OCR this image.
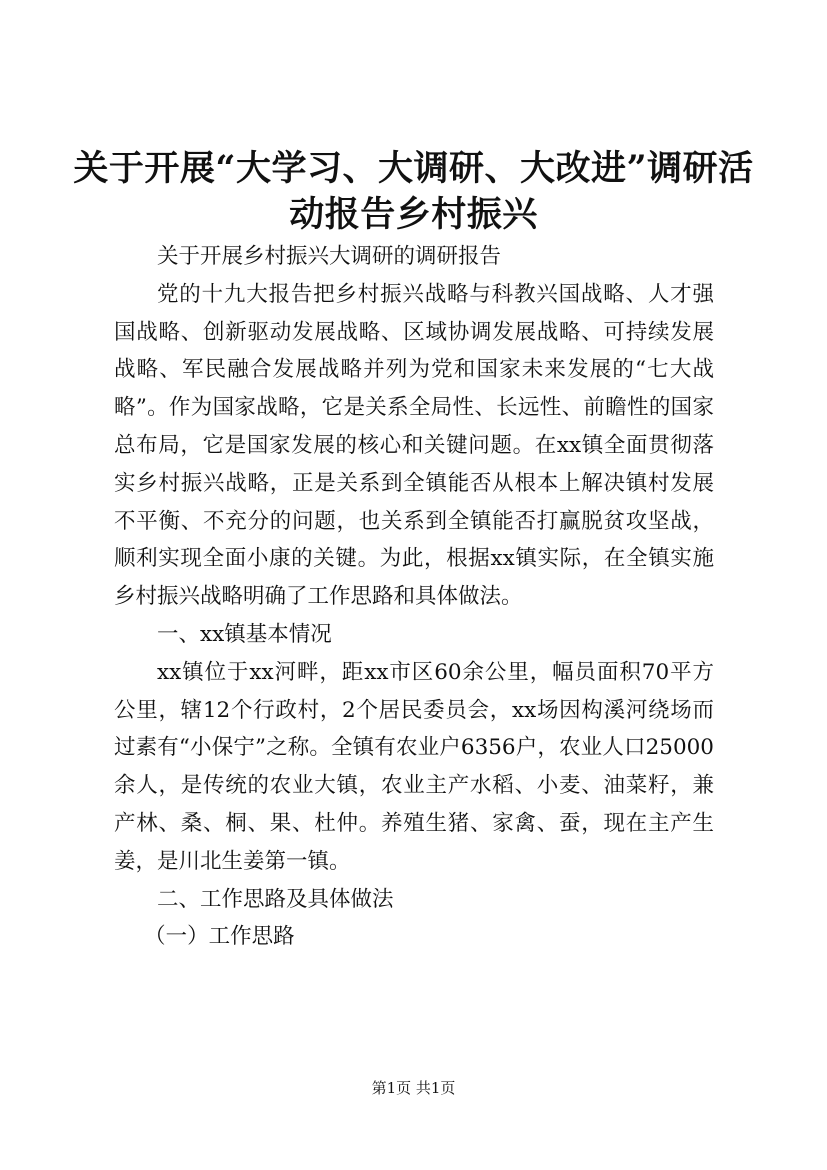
关于开展“大学习、大调研、大改进”调研活动报告乡村振兴

关于开展乡村振兴大调研的调研报告

党的十九大报告把乡村振兴战略与科教兴国战略、人才强国战略、创新驱动发展战略、区域协调发展战略、可持续发展战略、军民融合发展战略并列为党和国家未来发展的“七大战略”。作为国家战略，它是关系全局性、长远性、前瞻性的国家总布局，它是国家发展的核心和关键问题。在xx镇全面贯彻落实乡村振兴战略，正是关系到全镇能否从根本上解决镇村发展不平衡、不充分的问题，也关系到全镇能否打赢脱贫攻坚战，顺利实现全面小康的关键。为此，根据xx镇实际，在全镇实施乡村振兴战略明确了工作思路和具体做法。

一、xx镇基本情况

xx镇位于xx河畔，距xx市区60余公里，幅员面积70平方公里，辖12个行政村，2个居民委员会，xx场因构溪河绕场而过素有“小保宁”之称。全镇有农业户6356户，农业人口25000余人，是传统的农业大镇，农业主产水稻、小麦、油菜籽，兼产林、桑、桐、果、杜仲。养殖生猪、家禽、蚕，现在主产生姜，是川北生姜第一镇。

二、工作思路及具体做法

（一）工作思路

第1页 共1页
